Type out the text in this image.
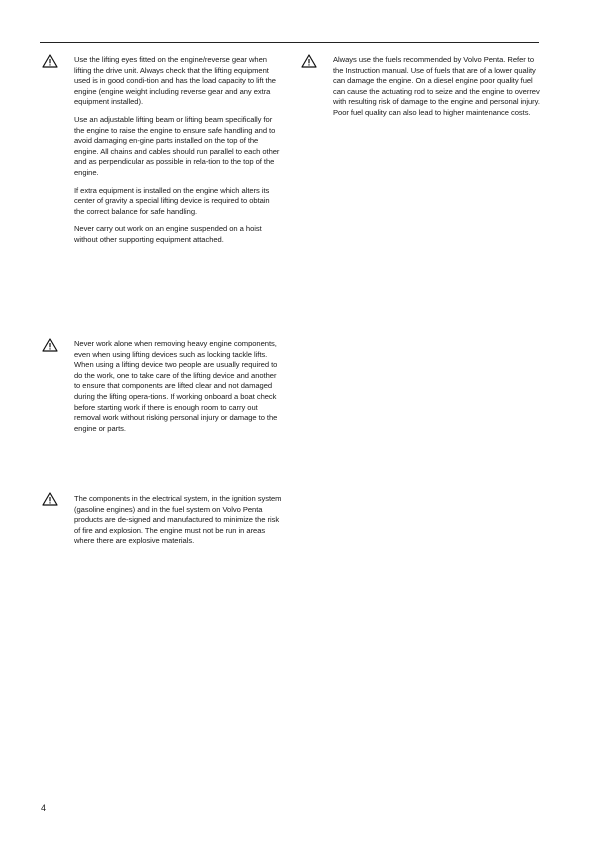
Use the lifting eyes fitted on the engine/reverse gear when lifting the drive unit. Always check that the lifting equipment used is in good condi-tion and has the load capacity to lift the engine (engine weight including reverse gear and any extra equipment installed).

Use an adjustable lifting beam or lifting beam specifically for the engine to raise the engine to ensure safe handling and to avoid damaging en-gine parts installed on the top of the engine. All chains and cables should run parallel to each other and as perpendicular as possible in rela-tion to the top of the engine.

If extra equipment is installed on the engine which alters its center of gravity a special lifting device is required to obtain the correct balance for safe handling.

Never carry out work on an engine suspended on a hoist without other supporting equipment attached.

Never work alone when removing heavy engine components, even when using lifting devices such as locking tackle lifts. When using a lifting device two people are usually required to do the work, one to take care of the lifting device and another to ensure that components are lifted clear and not damaged during the lifting opera-tions. If working onboard a boat check before starting work if there is enough room to carry out removal work without risking personal injury or damage to the engine or parts.

The components in the electrical system, in the ignition system (gasoline engines) and in the fuel system on Volvo Penta products are de-signed and manufactured to minimize the risk of fire and explosion. The engine must not be run in areas where there are explosive materials.

Always use the fuels recommended by Volvo Penta. Refer to the Instruction manual. Use of fuels that are of a lower quality can damage the engine. On a diesel engine poor quality fuel can cause the actuating rod to seize and the engine to overrev with resulting risk of damage to the engine and personal injury. Poor fuel quality can also lead to higher maintenance costs.

4
